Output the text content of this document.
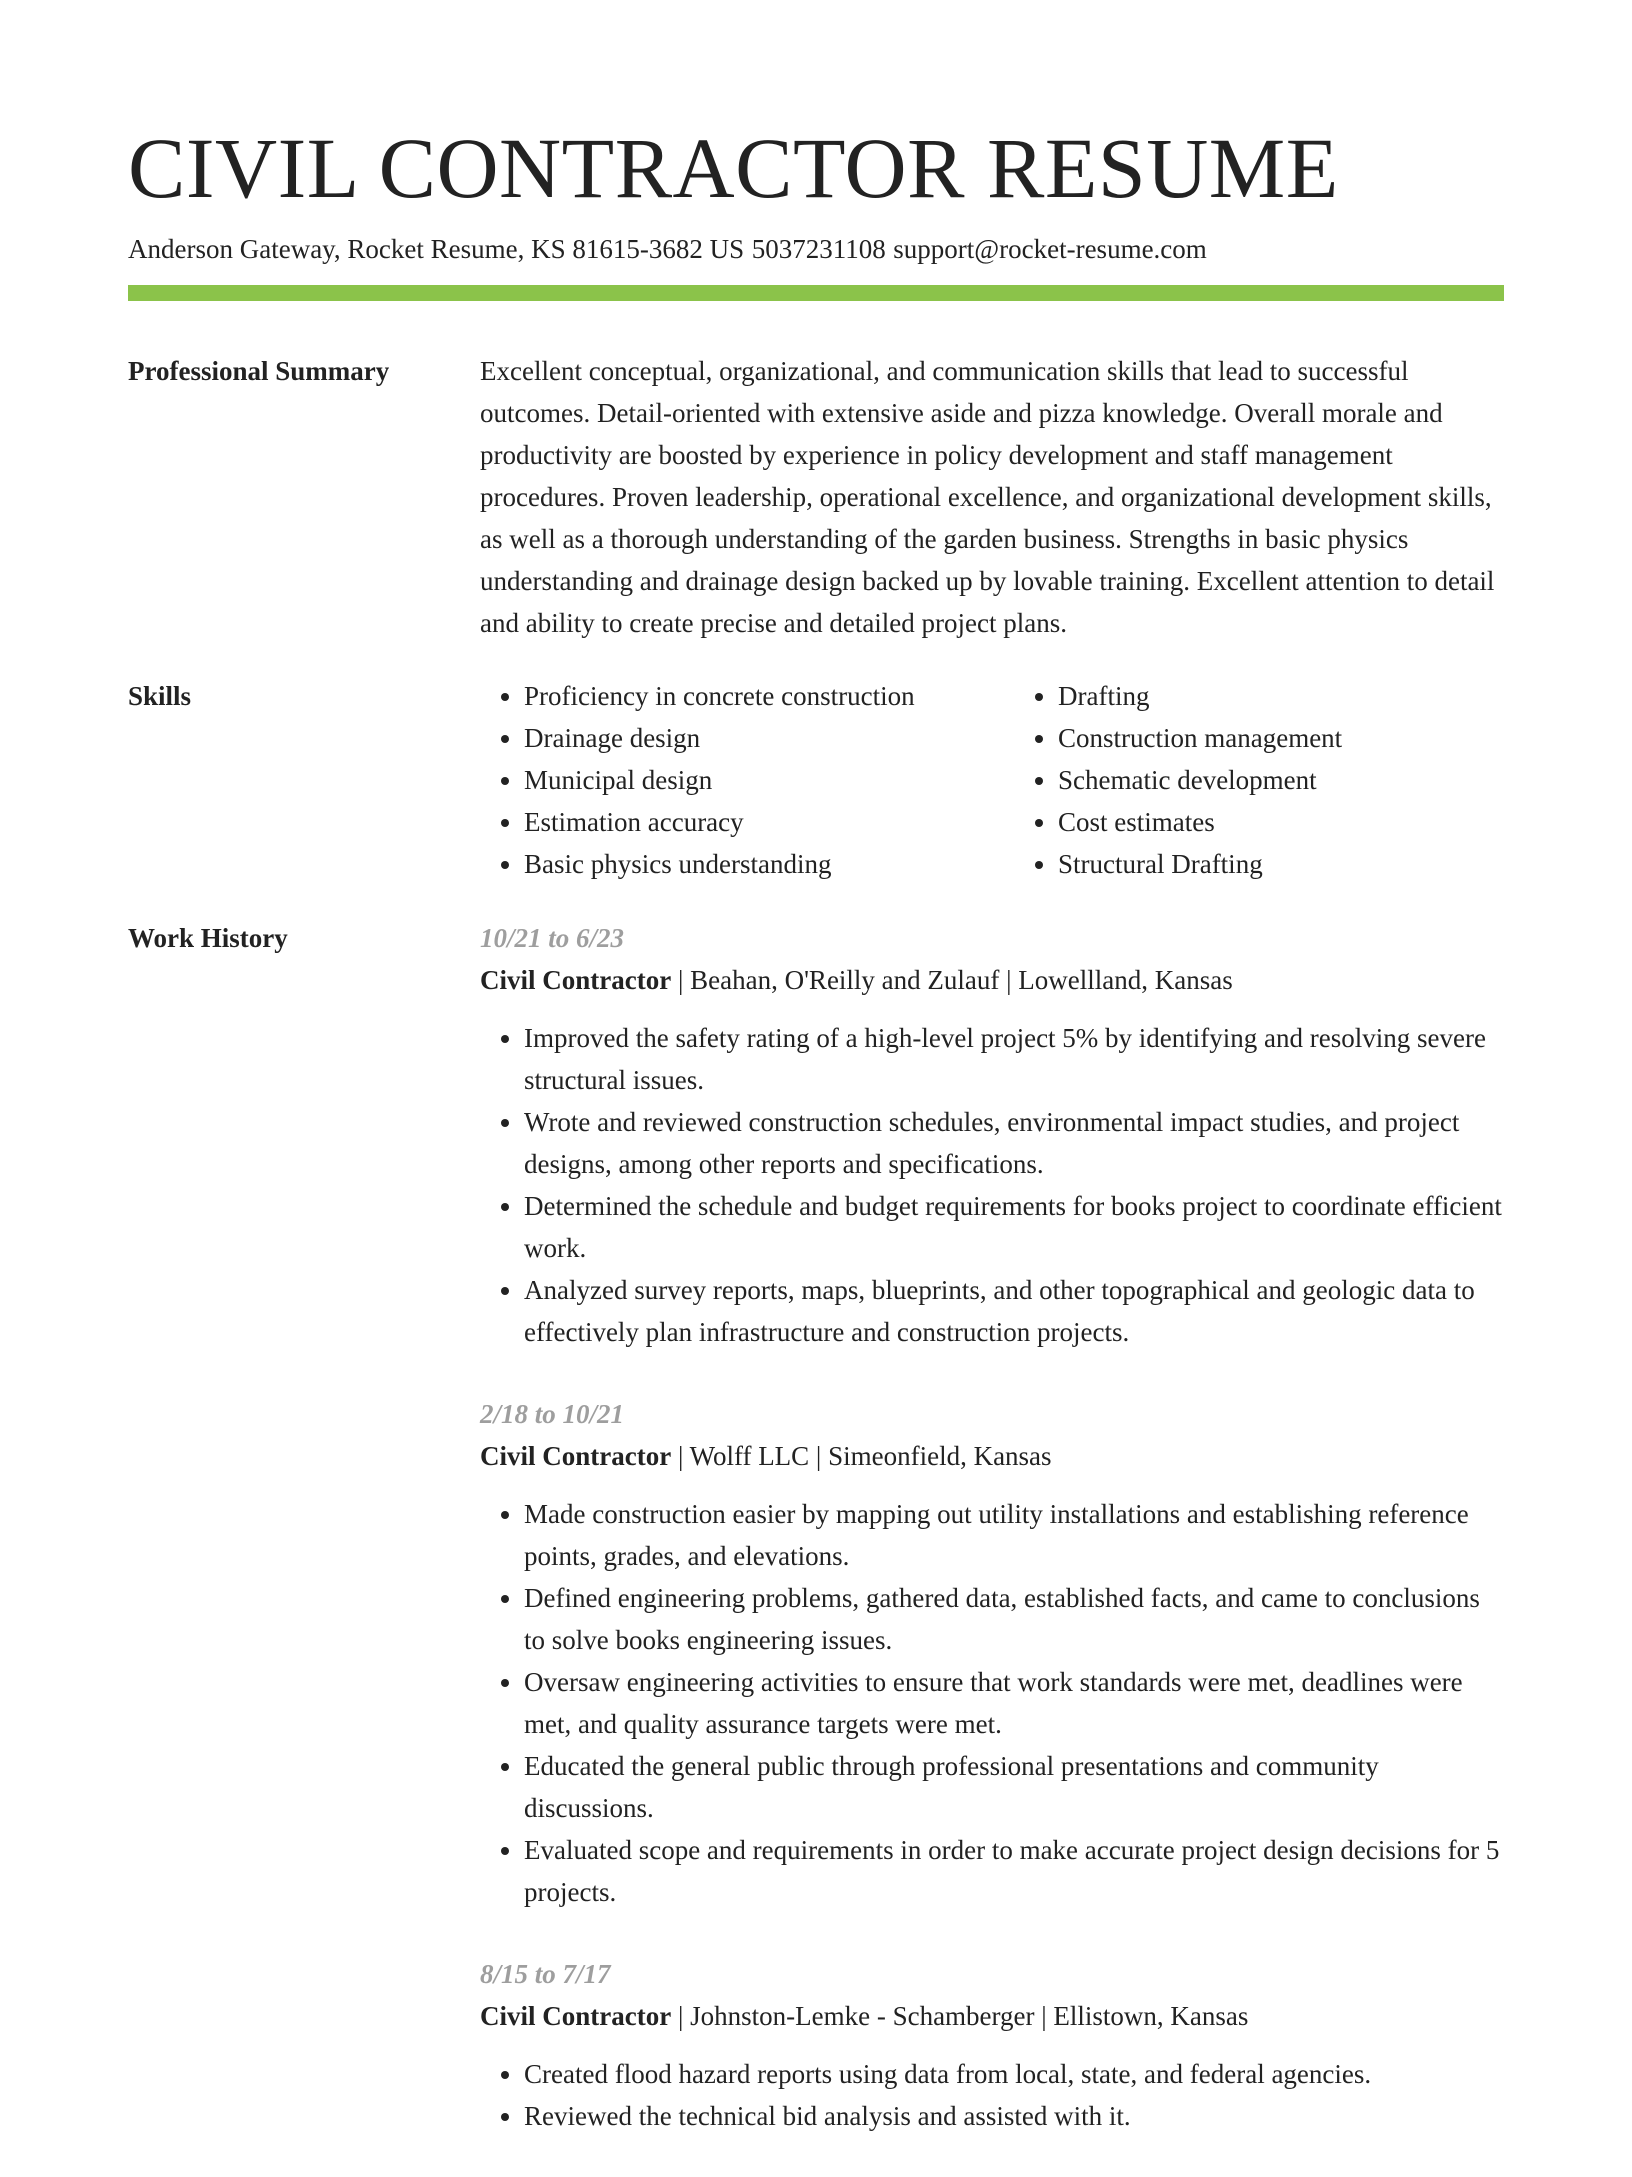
CIVIL CONTRACTOR RESUME
Anderson Gateway, Rocket Resume, KS 81615-3682 US 5037231108 support@rocket-resume.com
Professional Summary	Excellent conceptual, organizational, and communication skills that lead to successful outcomes. Detail-oriented with extensive aside and pizza knowledge. Overall morale and productivity are boosted by experience in policy development and staff management procedures. Proven leadership, operational excellence, and organizational development skills, as well as a thorough understanding of the garden business. Strengths in basic physics understanding and drainage design backed up by lovable training. Excellent attention to detail and ability to create precise and detailed project plans.

Skills
•	Proficiency in concrete construction
• Drainage design
• Municipal design
• Estimation accuracy
• Basic physics understanding
• Drafting
• Construction management
• Schematic development
• Cost estimates
• Structural Drafting
Work History	10/21 to 6/23
Civil Contractor | Beahan, O'Reilly and Zulauf | Lowellland, Kansas
• Improved the safety rating of a high-level project 5% by identifying and resolving severe structural issues.
• Wrote and reviewed construction schedules, environmental impact studies, and project designs, among other reports and specifications.
• Determined the schedule and budget requirements for books project to coordinate efficient work.
• Analyzed survey reports, maps, blueprints, and other topographical and geologic data to effectively plan infrastructure and construction projects.
2/18 to 10/21
Civil Contractor | Wolff LLC | Simeonfield, Kansas
• Made construction easier by mapping out utility installations and establishing reference points, grades, and elevations.
• Defined engineering problems, gathered data, established facts, and came to conclusions to solve books engineering issues.
• Oversaw engineering activities to ensure that work standards were met, deadlines were met, and quality assurance targets were met.
• Educated the general public through professional presentations and community discussions.
• Evaluated scope and requirements in order to make accurate project design decisions for 5 projects.
8/15 to 7/17
Civil Contractor | Johnston-Lemke - Schamberger | Ellistown, Kansas
• Created flood hazard reports using data from local, state, and federal agencies.
• Reviewed the technical bid analysis and assisted with it.
